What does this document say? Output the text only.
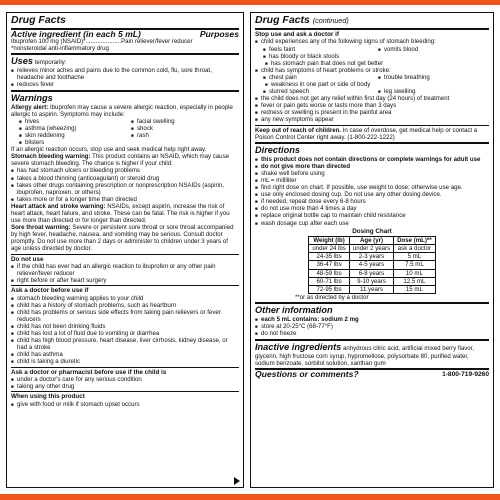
Drug Facts
Active ingredient (in each 5 mL)	Purposes
Ibuprofen 100 mg (NSAID)*.....................Pain reliever/fever reducer
*nonsteroidal anti-inflammatory drug
Uses temporarily:
■ relieves minor aches and pains due to the common cold, flu, sore throat, headache and toothache
■ reduces fever
Warnings
Allergy alert: Ibuprofen may cause a severe allergic reaction, especially in people allergic to aspirin. Symptoms may include:
■ hives	■ facial swelling
■ asthma (wheezing)	■ shock
■ skin reddening	■ rash
■ blisters
If an allergic reaction occurs, stop use and seek medical help right away.
Stomach bleeding warning: This product contains an NSAID, which may cause severe stomach bleeding. The chance is higher if your child:
■ has had stomach ulcers or bleeding problems
■ takes a blood thinning (anticoagulant) or steroid drug
■ takes other drugs containing prescription or nonprescription NSAIDs (aspirin, ibuprofen, naproxen, or others)
■ takes more or for a longer time than directed
Heart attack and stroke warning: NSAIDs, except aspirin, increase the risk of heart attack, heart failure, and stroke. These can be fatal. The risk is higher if you use more than directed or for longer than directed.
Sore throat warning: Severe or persistent sore throat or sore throat accompanied by high fever, headache, nausea, and vomiting may be serious. Consult doctor promptly. Do not use more than 2 days or administer to children under 3 years of age unless directed by doctor.
Do not use
■ if the child has ever had an allergic reaction to ibuprofen or any other pain reliever/fever reducer
■ right before or after heart surgery
Ask a doctor before use if
■ stomach bleeding warning applies to your child
■ child has a history of stomach problems, such as heartburn
■ child has problems or serious side effects from taking pain relievers or fever reducers
■ child has not been drinking fluids
■ child has lost a lot of fluid due to vomiting or diarrhea
■ child has high blood pressure, heart disease, liver cirrhosis, kidney disease, or had a stroke
■ child has asthma
■ child is taking a diuretic
Ask a doctor or pharmacist before use if the child is
■ under a doctor's care for any serious condition
■ taking any other drug
When using this product
■ give with food or milk if stomach upset occurs
Drug Facts (continued)
Stop use and ask a doctor if
■ child experiences any of the following signs of stomach bleeding:
■ feels faint	■ vomits blood
■ has bloody or black stools
■ has stomach pain that does not get better
■ child has symptoms of heart problems or stroke:
■ chest pain	■ trouble breathing
■ weakness in one part or side of body
■ slurred speech	■ leg swelling
■ the child does not get any relief within first day (24 hours) of treatment
■ fever or pain gets worse or lasts more than 3 days
■ redness or swelling is present in the painful area
■ any new symptoms appear
Keep out of reach of children. In case of overdose, get medical help or contact a Poison Control Center right away. (1-800-222-1222)
Directions
■ this product does not contain directions or complete warnings for adult use
■ do not give more than directed
■ shake well before using
■ mL = milliliter
■ find right dose on chart. If possible, use weight to dose; otherwise use age.
■ use only enclosed dosing cup. Do not use any other dosing device.
■ if needed, repeat dose every 6-8 hours
■ do not use more than 4 times a day
■ replace original bottle cap to maintain child resistance
■ wash dosage cup after each use
Dosing Chart
Weight (lb)	Age (yr)	Dose (mL)**
under 24 lbs	under 2 years	ask a doctor
24-35 lbs	2-3 years	5 mL
36-47 lbs	4-5 years	7.5 mL
48-59 lbs	6-8 years	10 mL
60-71 lbs	9-10 years	12.5 mL
72-95 lbs	11 years	15 mL
**or as directed by a doctor
Other information
■ each 5 mL contains: sodium 2 mg
■ store at 20-25°C (68-77°F)
■ do not freeze
Inactive ingredients anhydrous citric acid, artificial mixed berry flavor, glycerin, high fructose corn syrup, hypromellose, polysorbate 80, purified water, sodium benzoate, sorbitol solution, xanthan gum
Questions or comments?	1-800-719-9260
